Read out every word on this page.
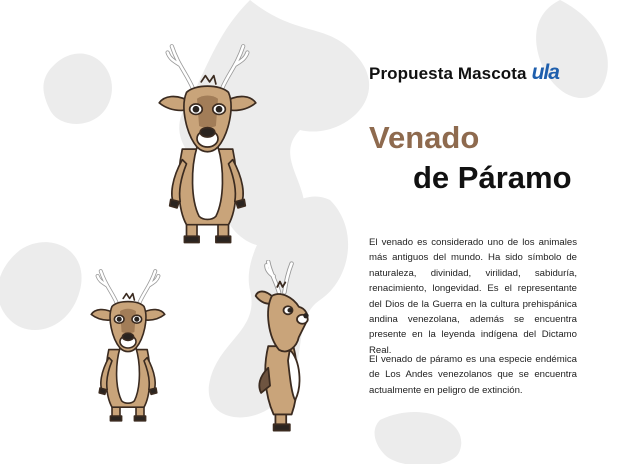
Propuesta Mascota ula
Venado
de Páramo

El venado es considerado uno de los animales más antiguos del mundo. Ha sido símbolo de naturaleza, divinidad, virilidad, sabiduría, renacimiento, longevidad. Es el representante del Dios de la Guerra en la cultura prehispánica andina venezolana, además se encuentra presente en la leyenda indígena del Dictamo Real.

El venado de páramo es una especie endémica de Los Andes venezolanos que se encuentra actualmente en peligro de extinción.
